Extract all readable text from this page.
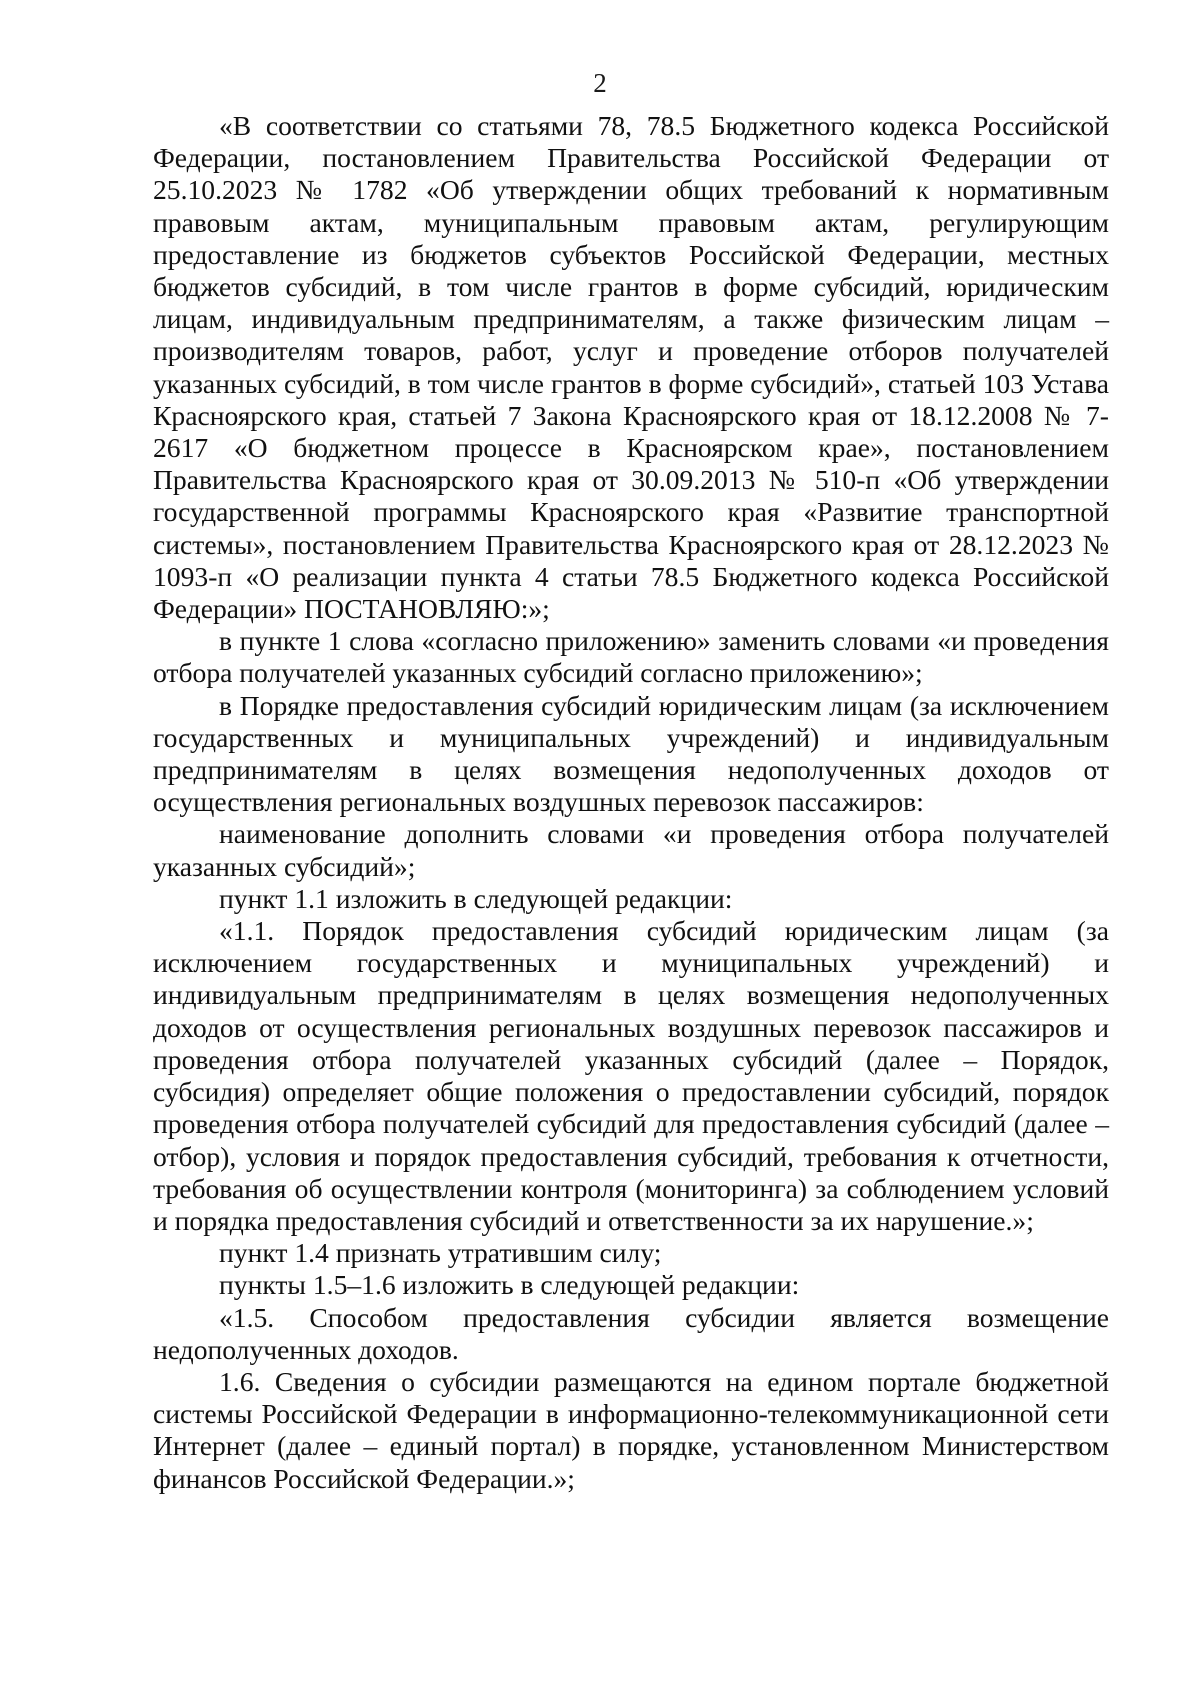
2

«В соответствии со статьями 78, 78.5 Бюджетного кодекса Российской Федерации, постановлением Правительства Российской Федерации от 25.10.2023 № 1782 «Об утверждении общих требований к нормативным правовым актам, муниципальным правовым актам, регулирующим предоставление из бюджетов субъектов Российской Федерации, местных бюджетов субсидий, в том числе грантов в форме субсидий, юридическим лицам, индивидуальным предпринимателям, а также физическим лицам – производителям товаров, работ, услуг и проведение отборов получателей указанных субсидий, в том числе грантов в форме субсидий», статьей 103 Устава Красноярского края, статьей 7 Закона Красноярского края от 18.12.2008 № 7-2617 «О бюджетном процессе в Красноярском крае», постановлением Правительства Красноярского края от 30.09.2013 № 510-п «Об утверждении государственной программы Красноярского края «Развитие транспортной системы», постановлением Правительства Красноярского края от 28.12.2023 № 1093-п «О реализации пункта 4 статьи 78.5 Бюджетного кодекса Российской Федерации» ПОСТАНОВЛЯЮ:»;

в пункте 1 слова «согласно приложению» заменить словами «и проведения отбора получателей указанных субсидий согласно приложению»;

в Порядке предоставления субсидий юридическим лицам (за исключением государственных и муниципальных учреждений) и индивидуальным предпринимателям в целях возмещения недополученных доходов от осуществления региональных воздушных перевозок пассажиров:

наименование дополнить словами «и проведения отбора получателей указанных субсидий»;

пункт 1.1 изложить в следующей редакции:

«1.1. Порядок предоставления субсидий юридическим лицам (за исключением государственных и муниципальных учреждений) и индивидуальным предпринимателям в целях возмещения недополученных доходов от осуществления региональных воздушных перевозок пассажиров и проведения отбора получателей указанных субсидий (далее – Порядок, субсидия) определяет общие положения о предоставлении субсидий, порядок проведения отбора получателей субсидий для предоставления субсидий (далее – отбор), условия и порядок предоставления субсидий, требования к отчетности, требования об осуществлении контроля (мониторинга) за соблюдением условий и порядка предоставления субсидий и ответственности за их нарушение.»;

пункт 1.4 признать утратившим силу;

пункты 1.5–1.6 изложить в следующей редакции:

«1.5. Способом предоставления субсидии является возмещение недополученных доходов.

1.6. Сведения о субсидии размещаются на едином портале бюджетной системы Российской Федерации в информационно-телекоммуникационной сети Интернет (далее – единый портал) в порядке, установленном Министерством финансов Российской Федерации.»;
